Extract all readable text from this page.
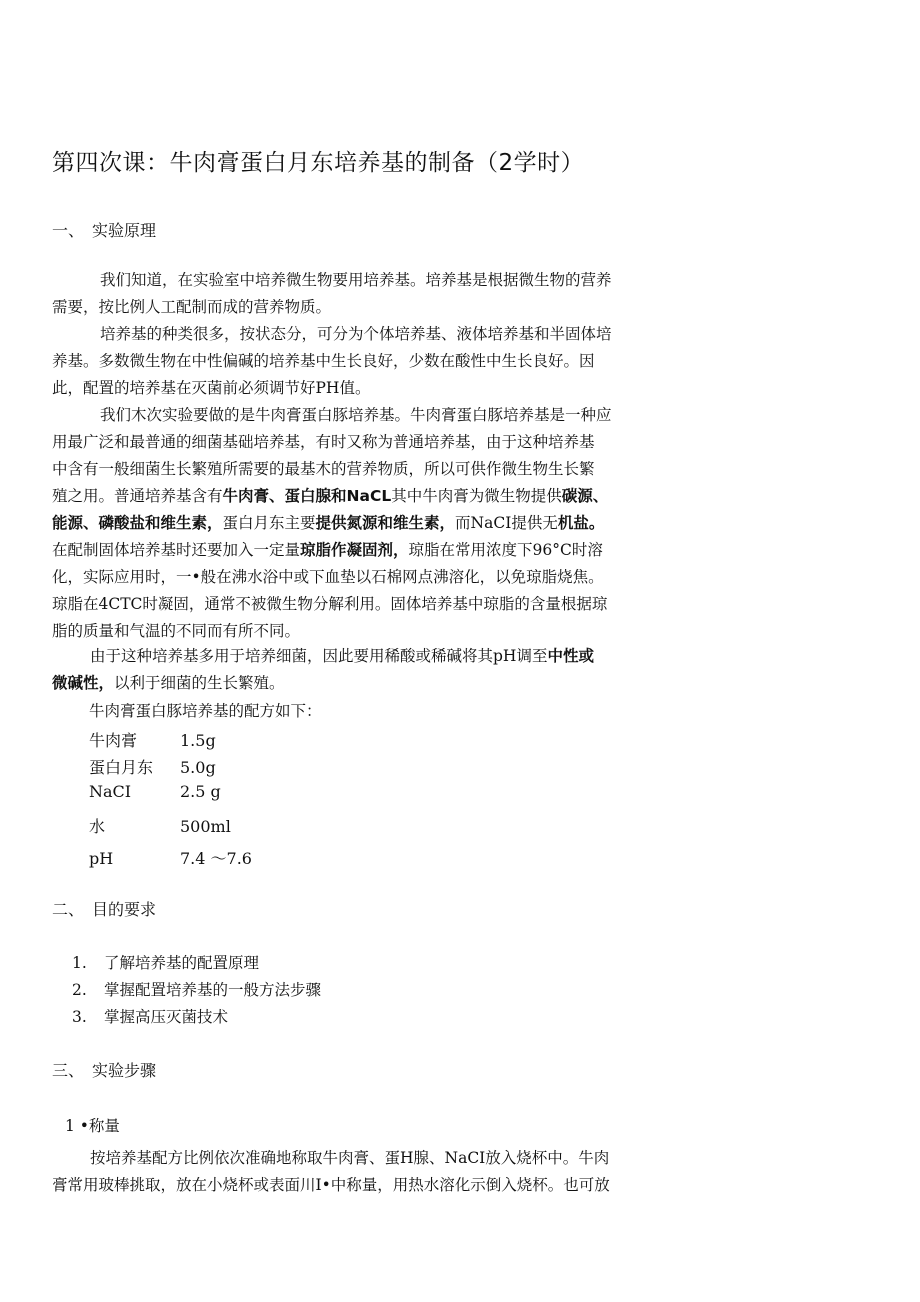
第四次课：牛肉膏蛋白月东培养基的制备（2学时）
一、 实验原理
我们知道，在实验室中培养微生物要用培养基。培养基是根据微生物的营养
需要，按比例人工配制而成的营养物质。
培养基的种类很多，按状态分，可分为个体培养基、液体培养基和半固体培
养基。多数微生物在中性偏碱的培养基中生长良好，少数在酸性中生长良好。因
此，配置的培养基在灭菌前必须调节好PH值。
我们木次实验要做的是牛肉膏蛋白豚培养基。牛肉膏蛋白豚培养基是一种应
用最广泛和最普通的细菌基础培养基，有时又称为普通培养基，由于这种培养基
中含有一般细菌生长繁殖所需要的最基木的营养物质，所以可供作微生物生长繁
殖之用。普通培养基含有牛肉膏、蛋白腺和NaCL其中牛肉膏为微生物提供碳源、
能源、磷酸盐和维生素，蛋白月东主要提供氮源和维生素，而NaCI提供无机盐。
在配制固体培养基时还要加入一定量琼脂作凝固剂，琼脂在常用浓度下96°C时溶
化，实际应用时，一•般在沸水浴中或下血垫以石棉网点沸溶化，以免琼脂烧焦。
琼脂在4CTC时凝固，通常不被微生物分解利用。固体培养基中琼脂的含量根据琼
脂的质量和气温的不同而有所不同。
由于这种培养基多用于培养细菌，因此要用稀酸或稀碱将其pH调至中性或
微碱性，以利于细菌的生长繁殖。
牛肉膏蛋白豚培养基的配方如下：
牛肉膏	1.5g
蛋白月东 5.0g
NaCI	2.5 g
水	500ml
pH	7.4 〜7.6
二、 目的要求
1. 了解培养基的配置原理
2. 掌握配置培养基的一般方法步骤
3. 掌握高压灭菌技术
三、 实验步骤
1 •称量
按培养基配方比例依次准确地称取牛肉膏、蛋H腺、NaCI放入烧杯中。牛肉
膏常用玻棒挑取，放在小烧杯或表面川I•中称量，用热水溶化示倒入烧杯。也可放
